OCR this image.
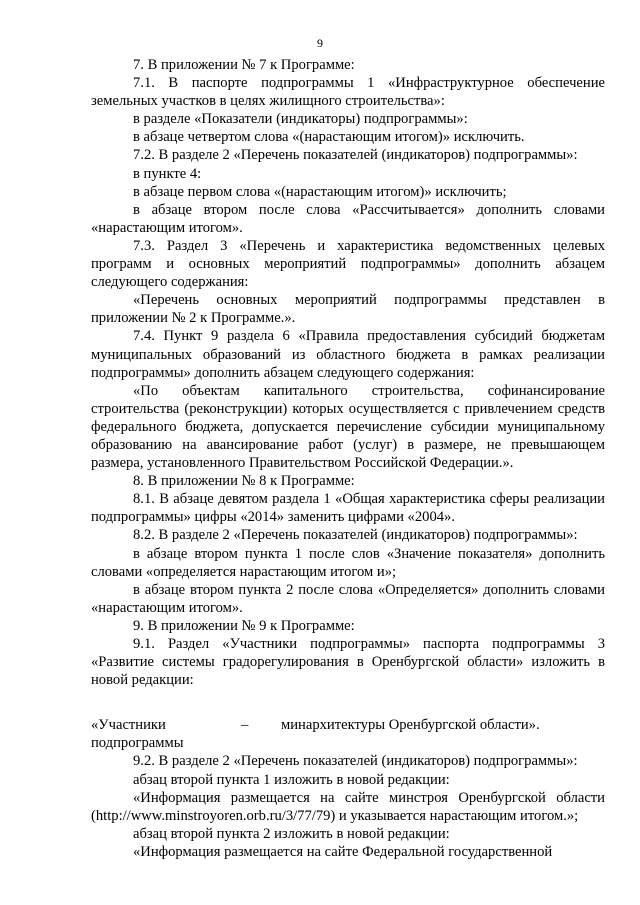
9

7. В приложении № 7 к Программе:

7.1. В паспорте подпрограммы 1 «Инфраструктурное обеспечение земельных участков в целях жилищного строительства»:

в разделе «Показатели (индикаторы) подпрограммы»:

в абзаце четвертом слова «(нарастающим итогом)» исключить.

7.2. В разделе 2 «Перечень показателей (индикаторов) подпрограммы»:

в пункте 4:

в абзаце первом слова «(нарастающим итогом)» исключить;

в абзаце втором после слова «Рассчитывается» дополнить словами «нарастающим итогом».

7.3. Раздел 3 «Перечень и характеристика ведомственных целевых программ и основных мероприятий подпрограммы» дополнить абзацем следующего содержания:

«Перечень основных мероприятий подпрограммы представлен в приложении № 2 к Программе.».

7.4. Пункт 9 раздела 6 «Правила предоставления субсидий бюджетам муниципальных образований из областного бюджета в рамках реализации подпрограммы» дополнить абзацем следующего содержания:

«По объектам капитального строительства, софинансирование строительства (реконструкции) которых осуществляется с привлечением средств федерального бюджета, допускается перечисление субсидии муниципальному образованию на авансирование работ (услуг) в размере, не превышающем размера, установленного Правительством Российской Федерации.».

8. В приложении № 8 к Программе:

8.1. В абзаце девятом раздела 1 «Общая характеристика сферы реализации подпрограммы» цифры «2014» заменить цифрами «2004».

8.2. В разделе 2 «Перечень показателей (индикаторов) подпрограммы»:

в абзаце втором пункта 1 после слов «Значение показателя» дополнить словами «определяется нарастающим итогом и»;

в абзаце втором пункта 2 после слова «Определяется» дополнить словами «нарастающим итогом».

9. В приложении № 9 к Программе:

9.1. Раздел «Участники подпрограммы» паспорта подпрограммы 3 «Развитие системы градорегулирования в Оренбургской области» изложить в новой редакции:

«Участники подпрограммы
–	минархитектуры Оренбургской области».

9.2. В разделе 2 «Перечень показателей (индикаторов) подпрограммы»:

абзац второй пункта 1 изложить в новой редакции:

«Информация размещается на сайте минстроя Оренбургской области (http://www.minstroyoren.orb.ru/3/77/79) и указывается нарастающим итогом.»;

абзац второй пункта 2 изложить в новой редакции:

«Информация размещается на сайте Федеральной государственной
